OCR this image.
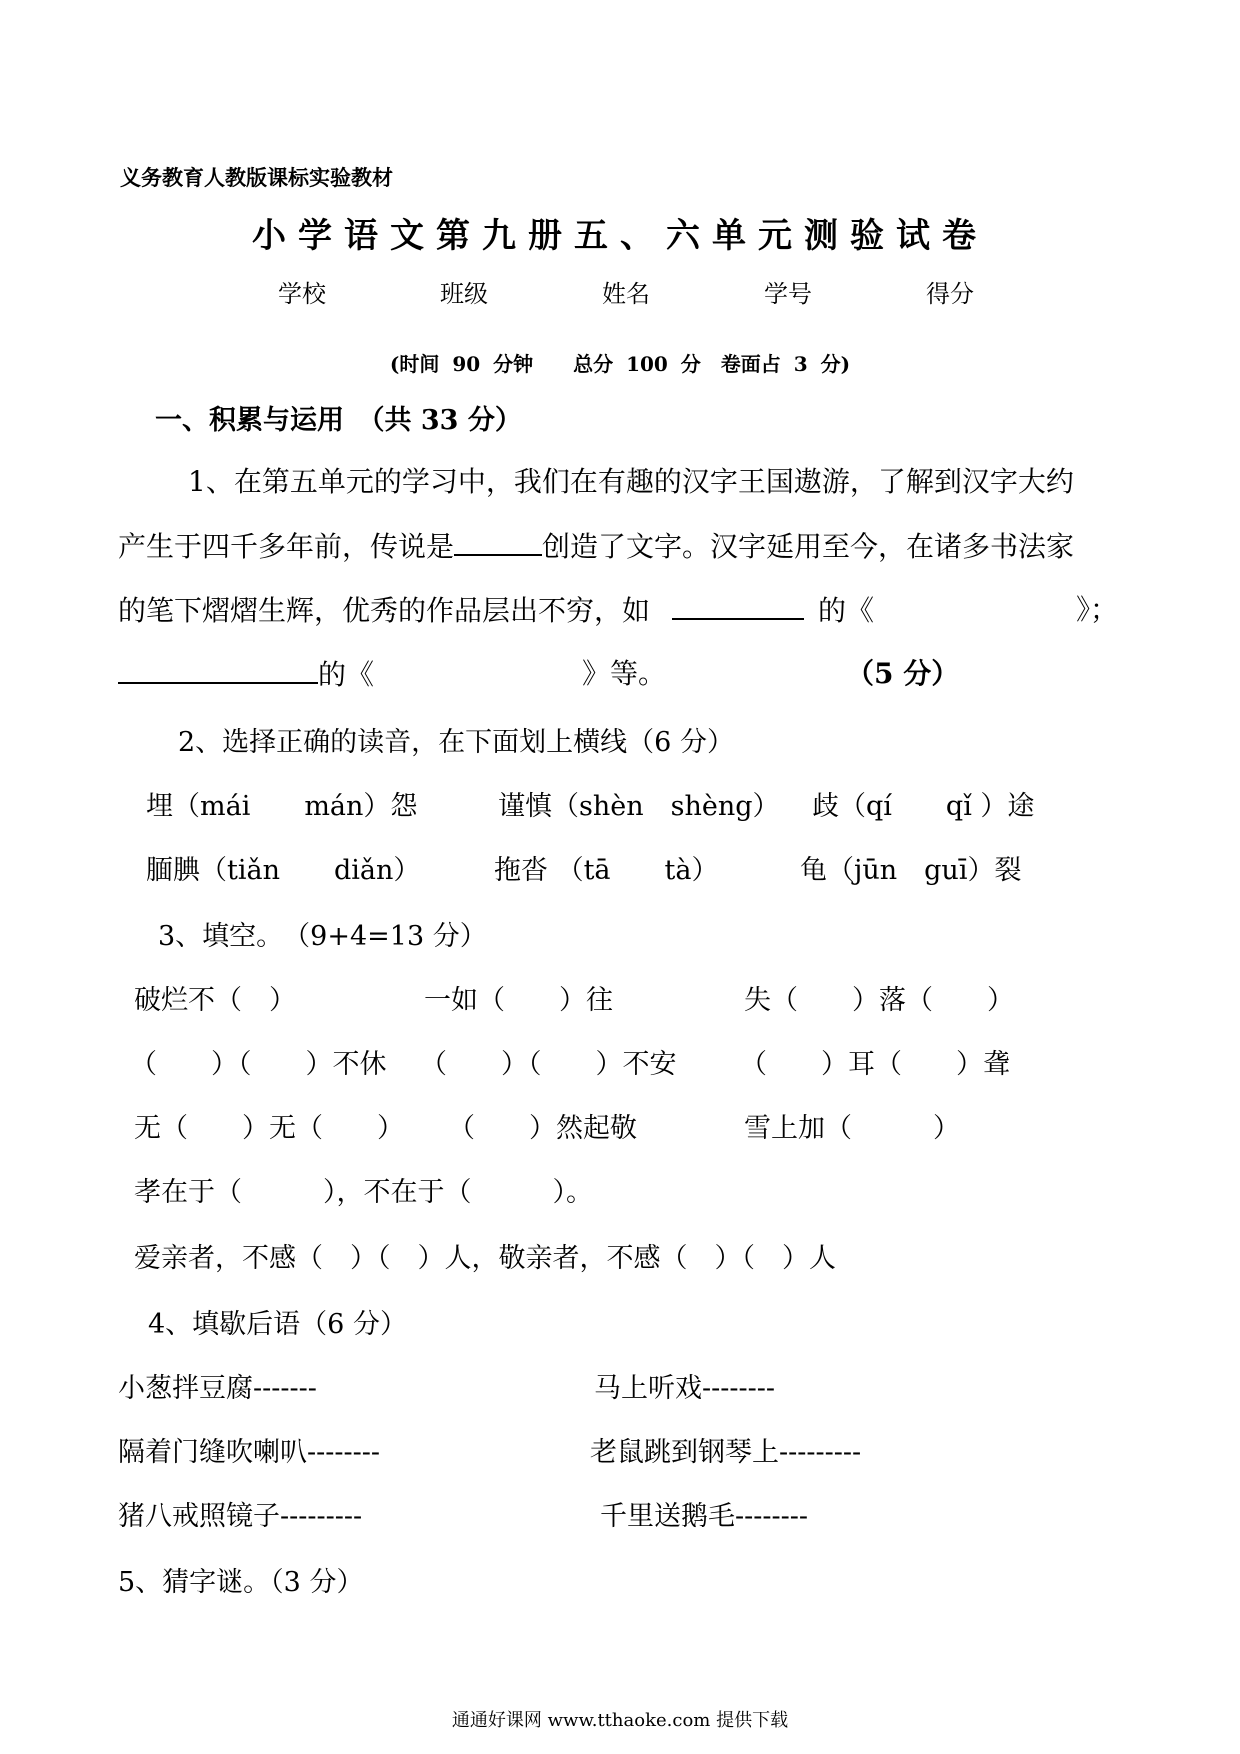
义务教育人教版课标实验教材
小学语文第九册五、六单元测验试卷
学校	班级	姓名	学号	得分
(时间 90 分钟　　总分 100 分　卷面占 3 分)
一、积累与运用　（共 33 分）
1、在第五单元的学习中，我们在有趣的汉字王国遨游，了解到汉字大约
产生于四千多年前，传说是	创造了文字。汉字延用至今，在诸多书法家
的笔下熠熠生辉，优秀的作品层出不穷，如	的《	》；
的《	》等。	（5 分）
2、选择正确的读音，在下面划上横线（6 分）
埋（mái　　mán）怨	谨慎（shèn　shèng） 歧（qí　　qǐ ）途
腼腆（tiǎn　　diǎn）	拖沓 （tā　　tà）	龟（jūn　guī）裂
3、填空。　（9+4=13 分）
破烂不（　）	一如（　　）往	失（　　）落（　　）
（　　）（　　）不休 （　　）（　　）不安 （　　）耳（　　）聋
无（　　）无（　　） （　　）然起敬	雪上加（　　　）
孝在于（　　　），不在于（　　　）。
爱亲者，不感（　）（　）人，敬亲者，不感（　）（　）人
4、填歇后语（6 分）
小葱拌豆腐-------	马上听戏--------
隔着门缝吹喇叭--------	老鼠跳到钢琴上---------
猪八戒照镜子---------	千里送鹅毛--------
5、猜字谜。（3 分）
通通好课网 www.tthaoke.com 提供下载
